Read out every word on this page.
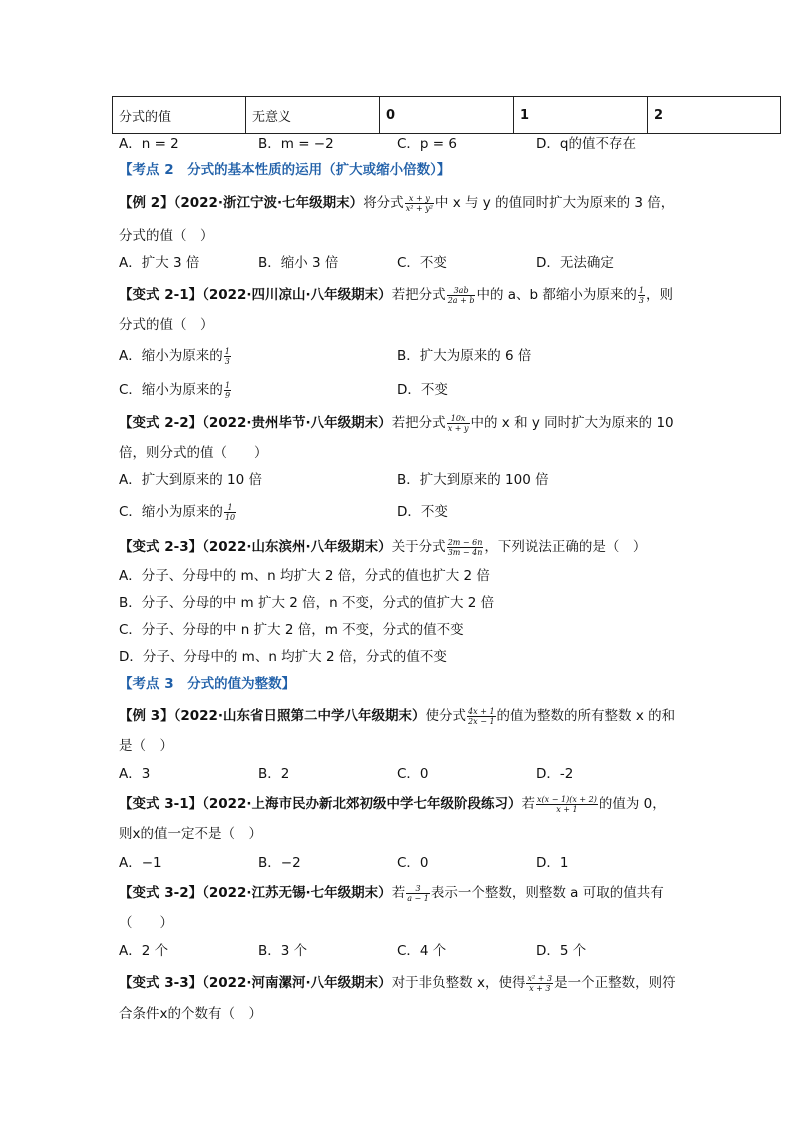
分式的值	无意义	0	1	2
A．n = 2	B．m = −2	C．p = 6	D．q的值不存在
【考点 2　分式的基本性质的运用（扩大或缩小倍数）】
【例 2】（2022·浙江宁波·七年级期末）将分式 $\frac{x + y}{\text{x² + y²}}$ 中 x 与 y 的值同时扩大为原来的 3 倍，
分式的值（　）
A．扩大 3 倍	B．缩小 3 倍	C．不变	D．无法确定
【变式 2-1】（2022·四川凉山·八年级期末）若把分式 $\frac{3ab}{2a + b}$ 中的 a、b 都缩小为原来的 $\frac{1}{3}$ ，则
分式的值（　）
A．缩小为原来的 $\frac{1}{3}$	B．扩大为原来的 6 倍
C．缩小为原来的 $\frac{1}{9}$	D．不变
【变式 2-2】（2022·贵州毕节·八年级期末）若把分式 $\frac{10x}{x + y}$ 中的 x 和 y 同时扩大为原来的 10
倍，则分式的值（　　）
A．扩大到原来的 10 倍	B．扩大到原来的 100 倍
C．缩小为原来的 $\frac{1}{10}$	D．不变
【变式 2-3】（2022·山东滨州·八年级期末）关于分式 $\frac{2m - 6n}{3m - 4n}$ ，下列说法正确的是（　）
A．分子、分母中的 m、n 均扩大 2 倍，分式的值也扩大 2 倍
B．分子、分母的中 m 扩大 2 倍，n 不变，分式的值扩大 2 倍
C．分子、分母的中 n 扩大 2 倍，m 不变，分式的值不变
D．分子、分母中的 m、n 均扩大 2 倍，分式的值不变
【考点 3　分式的值为整数】
【例 3】（2022·山东省日照第二中学八年级期末）使分式 $\frac{4x + 1}{2x - 1}$ 的值为整数的所有整数 x 的和
是（　）
A．3	B．2	C．0	D．-2
【变式 3-1】（2022·上海市民办新北郊初级中学七年级阶段练习）若 $\frac{x(x - 1)(x + 2)}{x + 1}$ 的值为 0，
则x的值一定不是（　）
A．−1	B．−2	C．0	D．1
【变式 3-2】（2022·江苏无锡·七年级期末）若 $\frac{3}{a - 1}$ 表示一个整数，则整数 a 可取的值共有
（　　）
A．2 个	B．3 个	C．4 个	D．5 个
【变式 3-3】（2022·河南漯河·八年级期末）对于非负整数 x，使得 $\frac{\text{x² + 3}}{x + 3}$ 是一个正整数，则符
合条件x的个数有（　）
